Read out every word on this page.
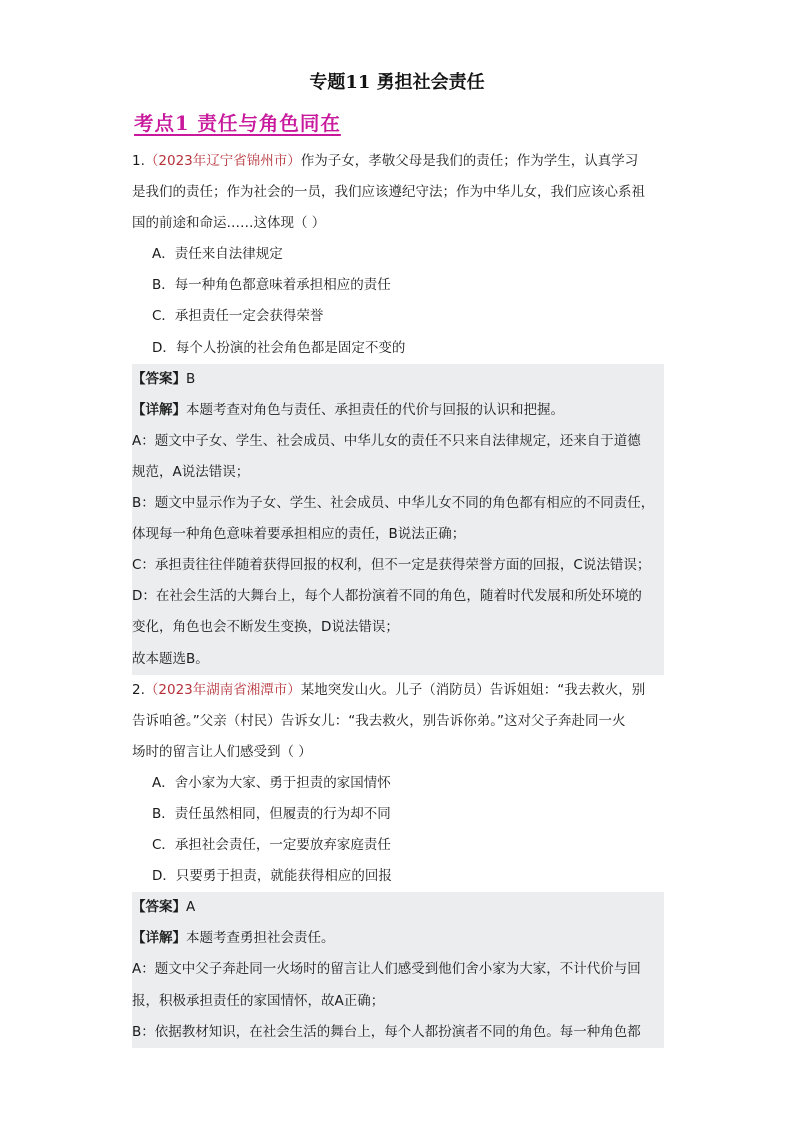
专题11 勇担社会责任
考点1 责任与角色同在
1.（2023年辽宁省锦州市）作为子女，孝敬父母是我们的责任；作为学生，认真学习
是我们的责任；作为社会的一员，我们应该遵纪守法；作为中华儿女，我们应该心系祖
国的前途和命运……这体现（ ）
A．责任来自法律规定
B．每一种角色都意味着承担相应的责任
C．承担责任一定会获得荣誉
D．每个人扮演的社会角色都是固定不变的
【答案】B
【详解】本题考查对角色与责任、承担责任的代价与回报的认识和把握。
A：题文中子女、学生、社会成员、中华儿女的责任不只来自法律规定，还来自于道德
规范，A说法错误；
B：题文中显示作为子女、学生、社会成员、中华儿女不同的角色都有相应的不同责任，
体现每一种角色意味着要承担相应的责任，B说法正确；
C：承担责往往伴随着获得回报的权利，但不一定是获得荣誉方面的回报，C说法错误；
D：在社会生活的大舞台上，每个人都扮演着不同的角色，随着时代发展和所处环境的
变化，角色也会不断发生变换，D说法错误；
故本题选B。
2.（2023年湖南省湘潭市）某地突发山火。儿子（消防员）告诉姐姐：“我去救火，别
告诉咱爸。”父亲（村民）告诉女儿：“我去救火，别告诉你弟。”这对父子奔赴同一火
场时的留言让人们感受到（ ）
A．舍小家为大家、勇于担责的家国情怀
B．责任虽然相同，但履责的行为却不同
C．承担社会责任，一定要放弃家庭责任
D．只要勇于担责，就能获得相应的回报
【答案】A
【详解】本题考查勇担社会责任。
A：题文中父子奔赴同一火场时的留言让人们感受到他们舍小家为大家，不计代价与回
报，积极承担责任的家国情怀，故A正确；
B：依据教材知识，在社会生活的舞台上，每个人都扮演者不同的角色。每一种角色都
